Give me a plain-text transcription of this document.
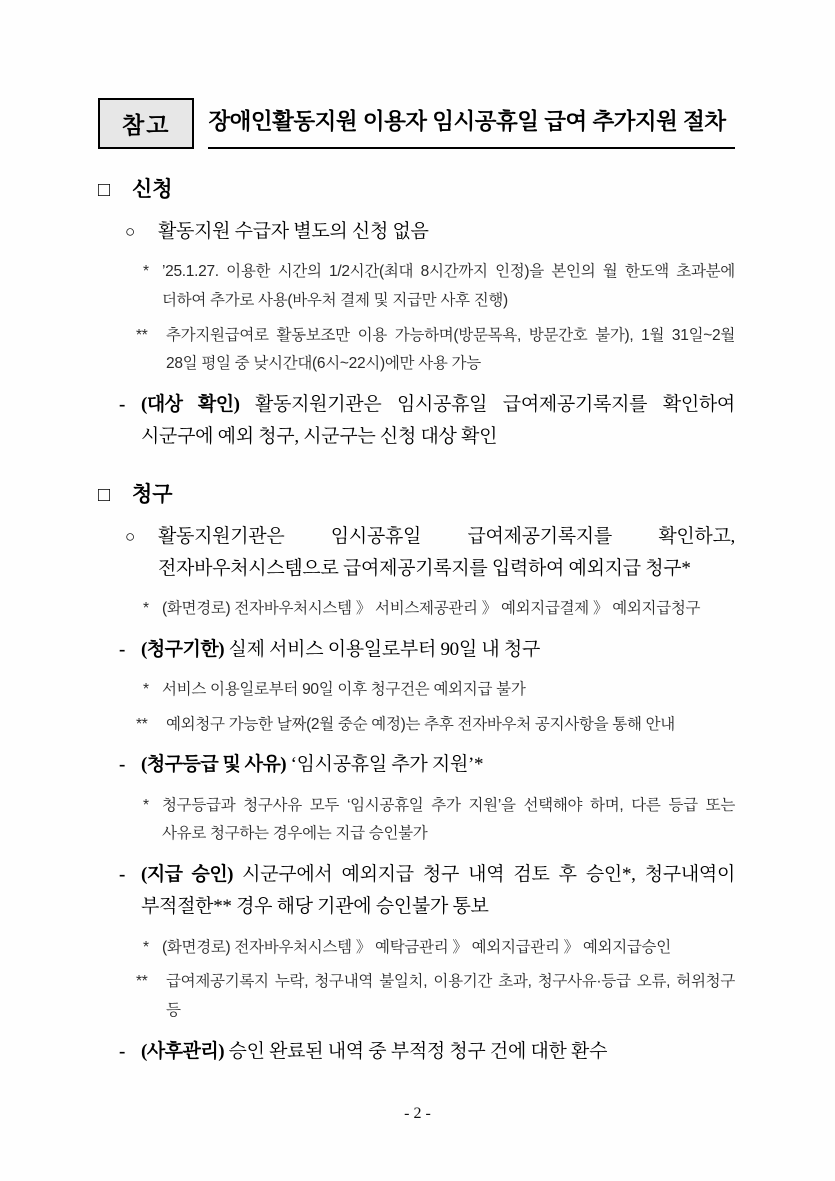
참고 장애인활동지원 이용자 임시공휴일 급여 추가지원 절차
□	신청
○	활동지원 수급자 별도의 신청 없음

* ’25.1.27. 이용한 시간의 1/2시간(최대 8시간까지 인정)을 본인의 월 한도액 초과분에 더하여 추가로 사용(바우처 결제 및 지급만 사후 진행)

**	추가지원급여로 활동보조만 이용 가능하며(방문목욕, 방문간호 불가), 1월 31일~2월 28일 평일 중 낮시간대(6시~22시)에만 사용 가능

- (대상 확인) 활동지원기관은 임시공휴일 급여제공기록지를 확인하여 시군구에 예외 청구, 시군구는 신청 대상 확인

□	청구
○	활동지원기관은 임시공휴일 급여제공기록지를 확인하고, 전자바우처시스템으로 급여제공기록지를 입력하여 예외지급 청구*

* (화면경로) 전자바우처시스템 》 서비스제공관리 》 예외지급결제 》 예외지급청구

- (청구기한) 실제 서비스 이용일로부터 90일 내 청구

* 서비스 이용일로부터 90일 이후 청구건은 예외지급 불가

**	예외청구 가능한 날짜(2월 중순 예정)는 추후 전자바우처 공지사항을 통해 안내

- (청구등급 및 사유) ‘임시공휴일 추가 지원’*

* 청구등급과 청구사유 모두 ‘임시공휴일 추가 지원’을 선택해야 하며, 다른 등급 또는 사유로 청구하는 경우에는 지급 승인불가

- (지급 승인) 시군구에서 예외지급 청구 내역 검토 후 승인*, 청구내역이 부적절한** 경우 해당 기관에 승인불가 통보

* (화면경로) 전자바우처시스템 》 예탁금관리 》 예외지급관리 》 예외지급승인

**	급여제공기록지 누락, 청구내역 불일치, 이용기간 초과, 청구사유·등급 오류, 허위청구 등

- (사후관리) 승인 완료된 내역 중 부적정 청구 건에 대한 환수

- 2 -
